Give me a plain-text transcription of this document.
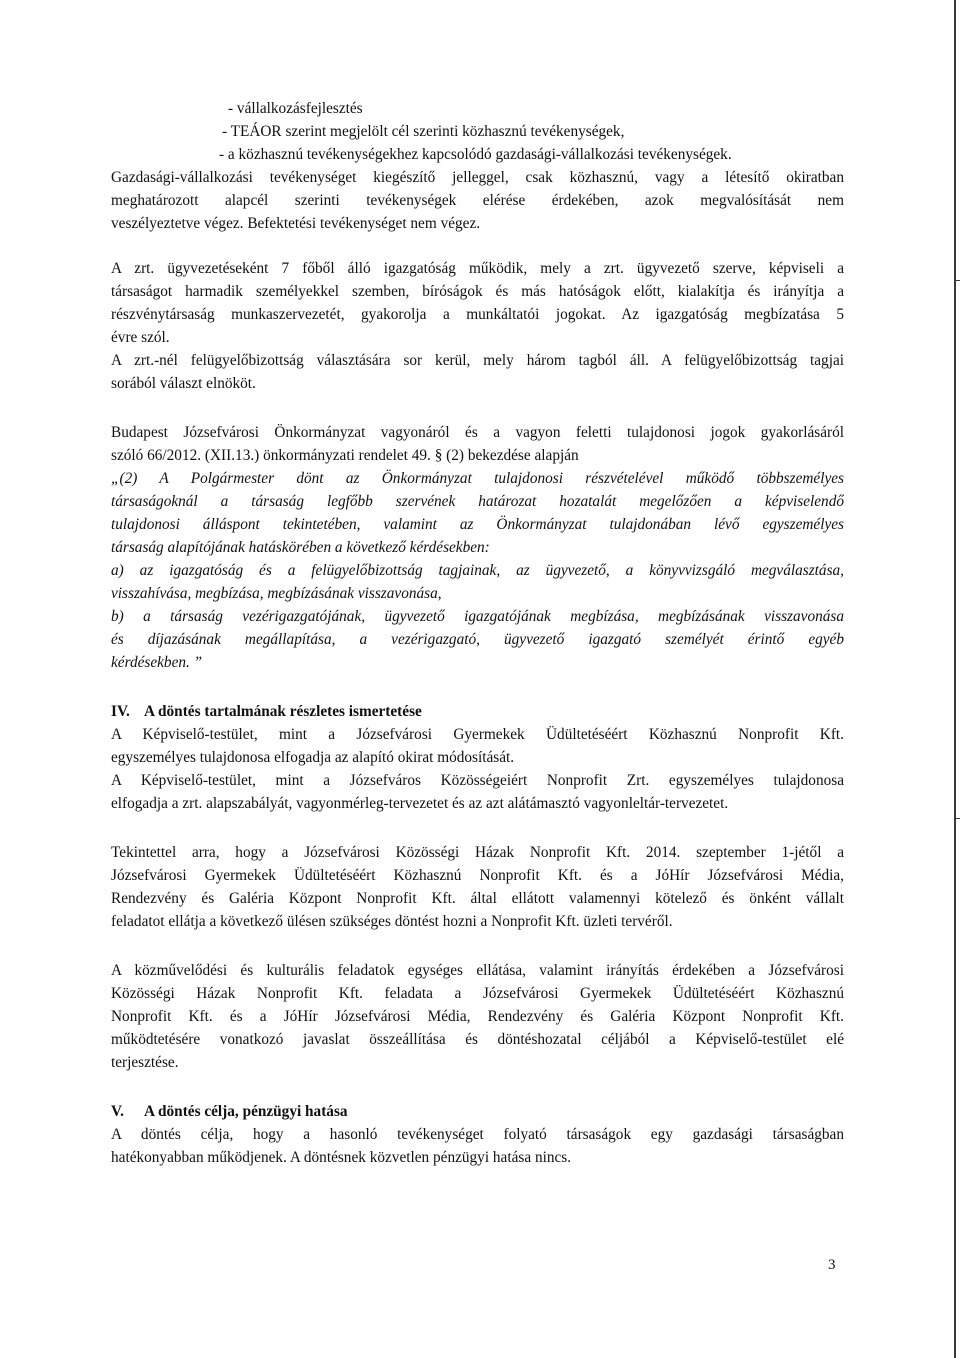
- vállalkozásfejlesztés
- TEÁOR szerint megjelölt cél szerinti közhasznú tevékenységek,
- a közhasznú tevékenységekhez kapcsolódó gazdasági-vállalkozási tevékenységek.
Gazdasági-vállalkozási tevékenységet kiegészítő jelleggel, csak közhasznú, vagy a létesítő okiratban
meghatározott alapcél szerinti tevékenységek elérése érdekében, azok megvalósítását nem
veszélyeztetve végez. Befektetési tevékenységet nem végez.
A zrt. ügyvezetéseként 7 főből álló igazgatóság működik, mely a zrt. ügyvezető szerve, képviseli a
társaságot harmadik személyekkel szemben, bíróságok és más hatóságok előtt, kialakítja és irányítja a
részvénytársaság munkaszervezetét, gyakorolja a munkáltatói jogokat. Az igazgatóság megbízatása 5
évre szól.
A zrt.-nél felügyelőbizottság választására sor kerül, mely három tagból áll. A felügyelőbizottság tagjai
sorából választ elnököt.
Budapest Józsefvárosi Önkormányzat vagyonáról és a vagyon feletti tulajdonosi jogok gyakorlásáról
szóló 66/2012. (XII.13.) önkormányzati rendelet 49. § (2) bekezdése alapján
„(2) A Polgármester dönt az Önkormányzat tulajdonosi részvételével működő többszemélyes
társaságoknál a társaság legfőbb szervének határozat hozatalát megelőzően a képviselendő
tulajdonosi álláspont tekintetében, valamint az Önkormányzat tulajdonában lévő egyszemélyes
társaság alapítójának hatáskörében a következő kérdésekben:
a) az igazgatóság és a felügyelőbizottság tagjainak, az ügyvezető, a könyvvizsgáló megválasztása,
visszahívása, megbízása, megbízásának visszavonása,
b) a társaság vezérigazgatójának, ügyvezető igazgatójának megbízása, megbízásának visszavonása
és díjazásának megállapítása, a vezérigazgató, ügyvezető igazgató személyét érintő egyéb
kérdésekben. ”
IV. A döntés tartalmának részletes ismertetése
A Képviselő-testület, mint a Józsefvárosi Gyermekek Üdültetéséért Közhasznú Nonprofit Kft.
egyszemélyes tulajdonosa elfogadja az alapító okirat módosítását.
A Képviselő-testület, mint a Józsefváros Közösségeiért Nonprofit Zrt. egyszemélyes tulajdonosa
elfogadja a zrt. alapszabályát, vagyonmérleg-tervezetet és az azt alátámasztó vagyonleltár-tervezetet.
Tekintettel arra, hogy a Józsefvárosi Közösségi Házak Nonprofit Kft. 2014. szeptember 1-jétől a
Józsefvárosi Gyermekek Üdültetéséért Közhasznú Nonprofit Kft. és a JóHír Józsefvárosi Média,
Rendezvény és Galéria Központ Nonprofit Kft. által ellátott valamennyi kötelező és önként vállalt
feladatot ellátja a következő ülésen szükséges döntést hozni a Nonprofit Kft. üzleti tervéről.
A közművelődési és kulturális feladatok egységes ellátása, valamint irányítás érdekében a Józsefvárosi
Közösségi Házak Nonprofit Kft. feladata a Józsefvárosi Gyermekek Üdültetéséért Közhasznú
Nonprofit Kft. és a JóHír Józsefvárosi Média, Rendezvény és Galéria Központ Nonprofit Kft.
működtetésére vonatkozó javaslat összeállítása és döntéshozatal céljából a Képviselő-testület elé
terjesztése.
V. A döntés célja, pénzügyi hatása
A döntés célja, hogy a hasonló tevékenységet folyató társaságok egy gazdasági társaságban
hatékonyabban működjenek. A döntésnek közvetlen pénzügyi hatása nincs.
3
